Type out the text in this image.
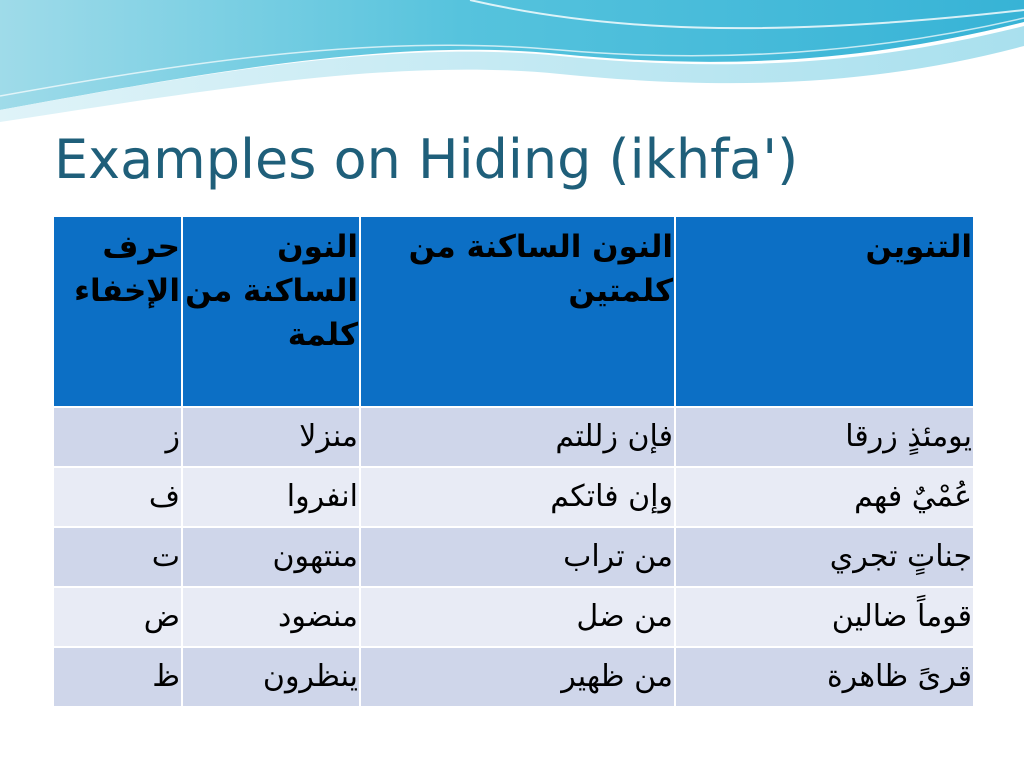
Examples on Hiding (ikhfa')
حرف الإخفاء	النون الساكنة من كلمة	النون الساكنة من كلمتين	التنوين
ز	منزلا	فإن زللتم	يومئذٍ زرقا
ف	انفروا	وإن فاتكم	عُمْيٌ فهم
ت	منتهون	من تراب	جناتٍ تجري
ض	منضود	من ضل	قوماً ضالين
ظ	ينظرون	من ظهير	قرىً ظاهرة
